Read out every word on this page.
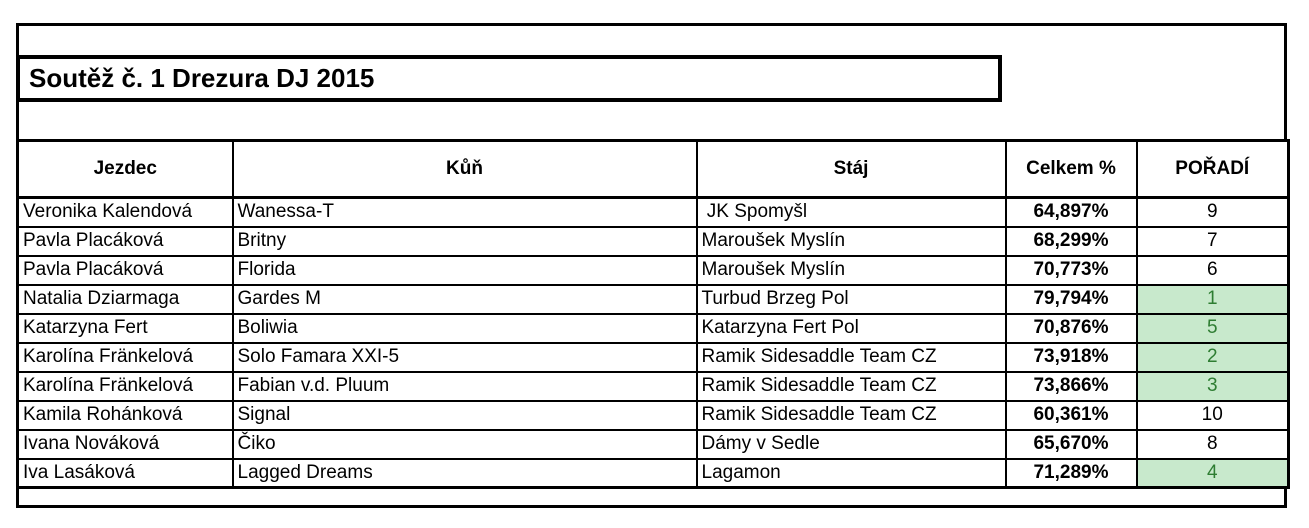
Soutěž č. 1 Drezura DJ 2015
Jezdec	Kůň	Stáj	Celkem %	POŘADÍ
Veronika Kalendová	Wanessa-T	JK Spomyšl	64,897%	9
Pavla Placáková	Britny	Maroušek Myslín	68,299%	7
Pavla Placáková	Florida	Maroušek Myslín	70,773%	6
Natalia Dziarmaga	Gardes M	Turbud Brzeg Pol	79,794%	1
Katarzyna Fert	Boliwia	Katarzyna Fert Pol	70,876%	5
Karolína Fränkelová	Solo Famara XXI-5	Ramik Sidesaddle Team CZ	73,918%	2
Karolína Fränkelová	Fabian v.d. Pluum	Ramik Sidesaddle Team CZ	73,866%	3
Kamila Rohánková	Signal	Ramik Sidesaddle Team CZ	60,361%	10
Ivana Nováková	Čiko	Dámy v Sedle	65,670%	8
Iva Lasáková	Lagged Dreams	Lagamon	71,289%	4
